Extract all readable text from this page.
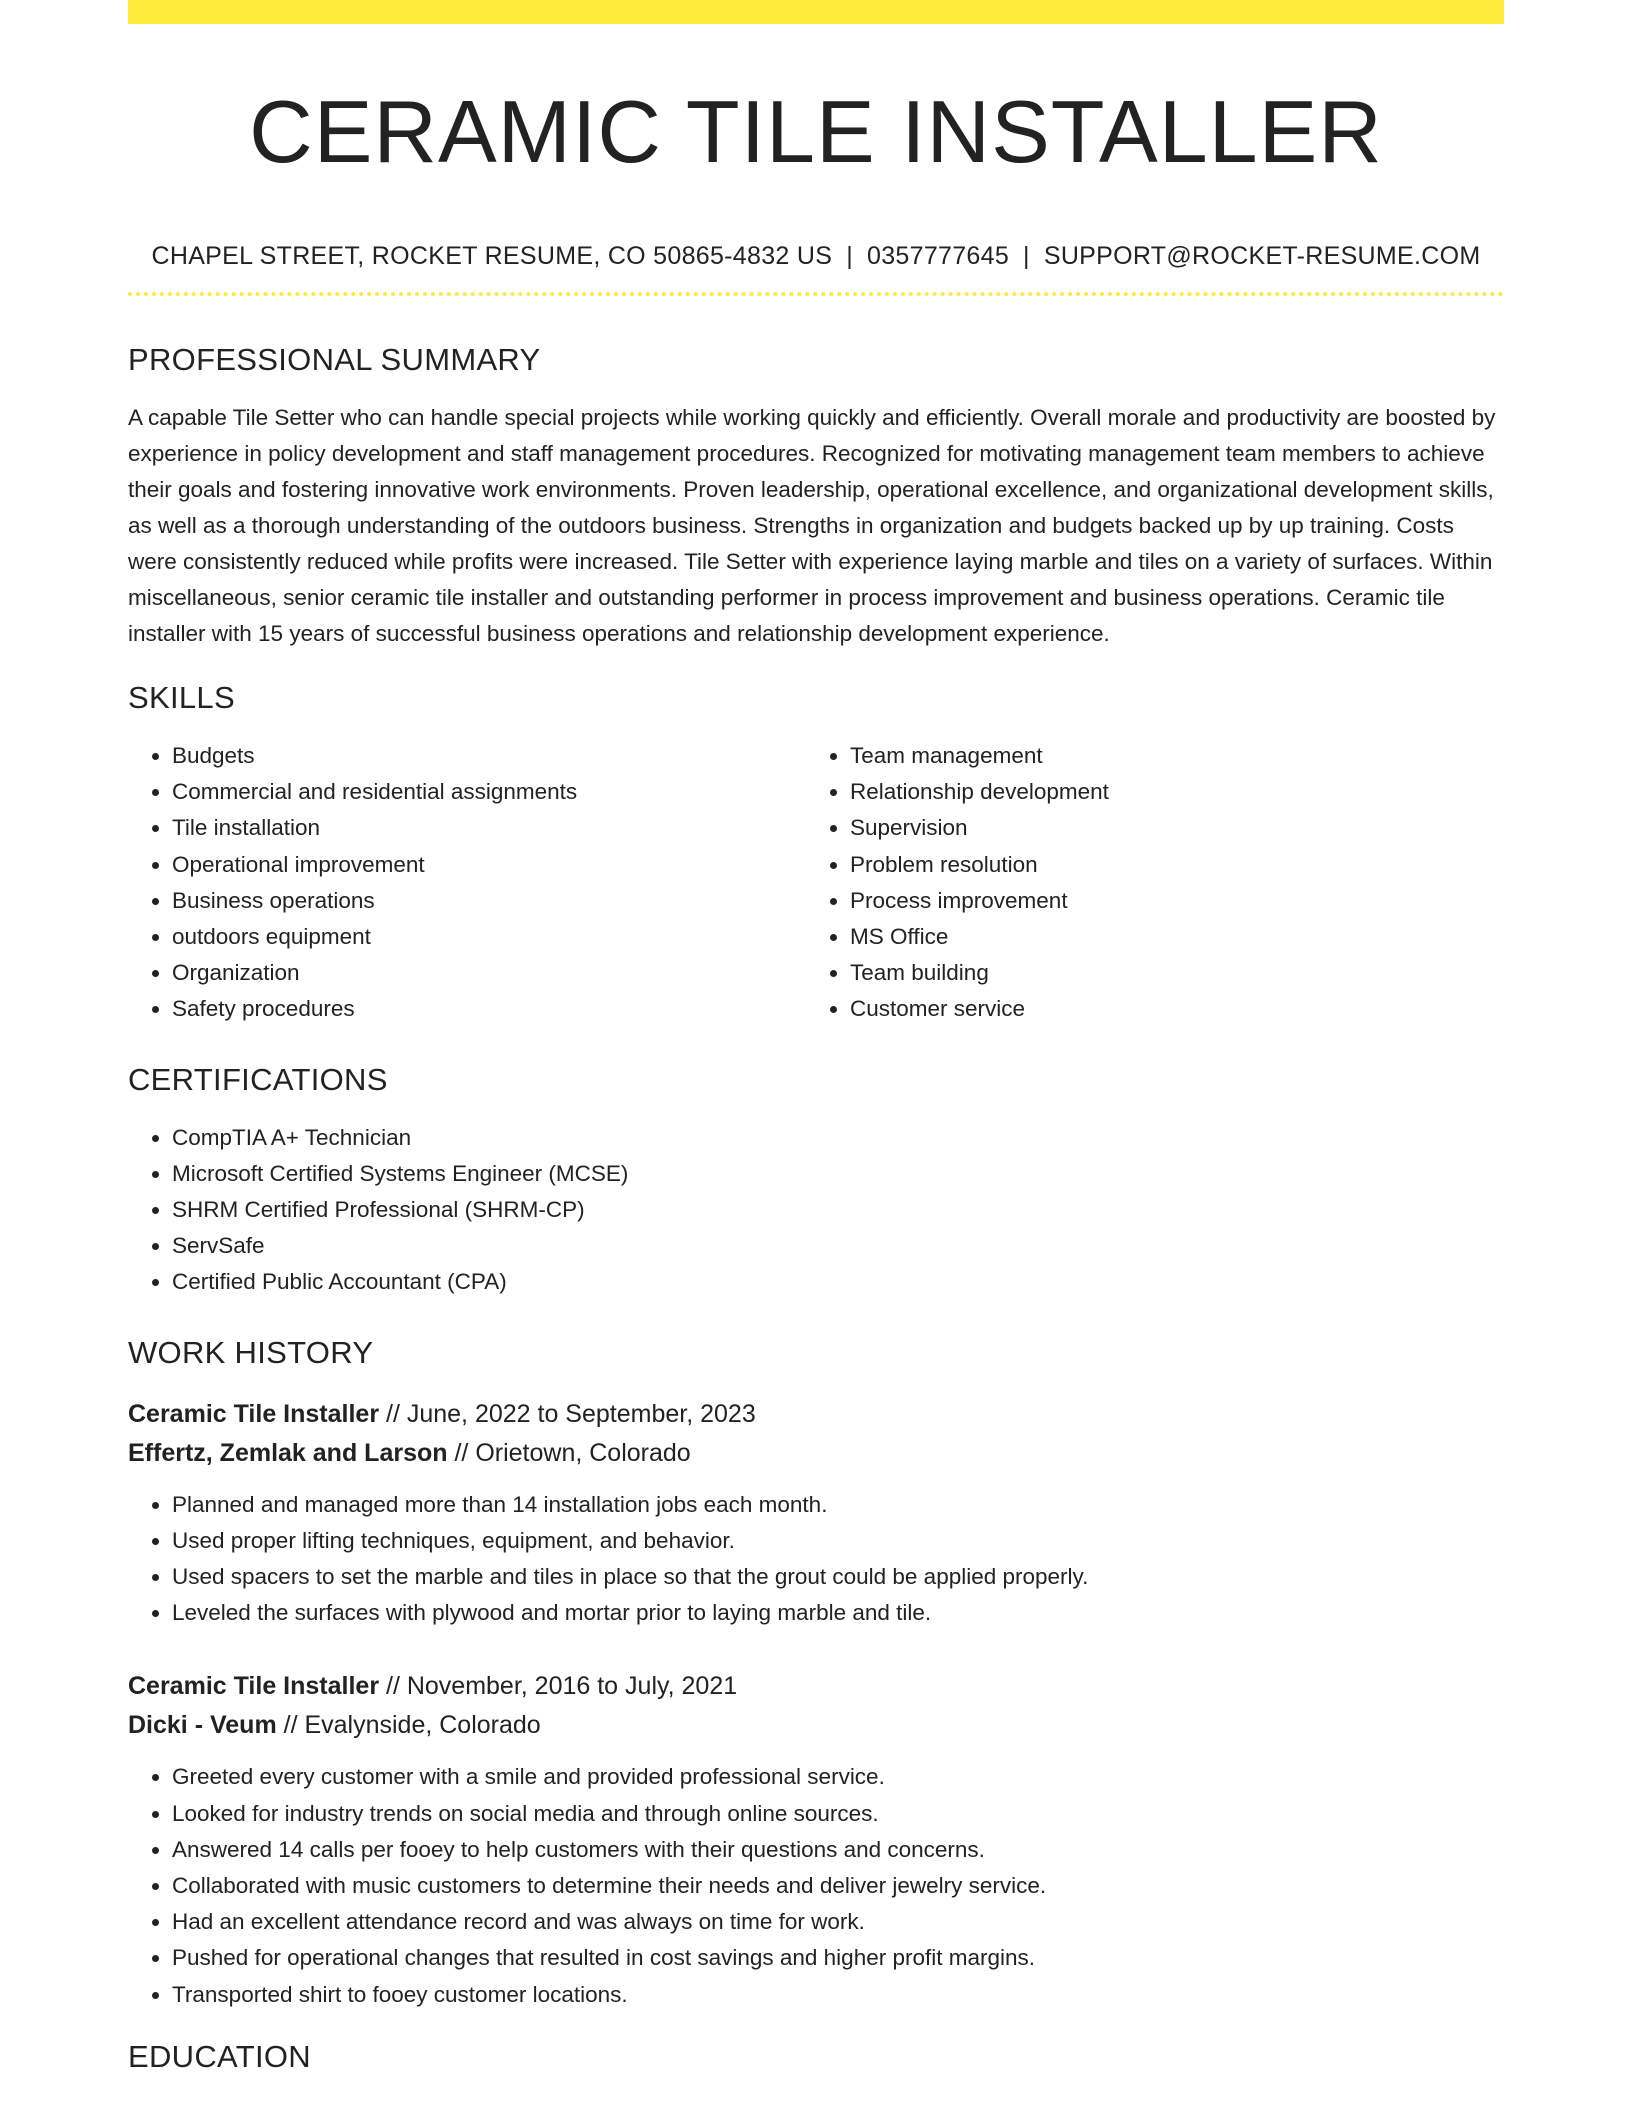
CERAMIC TILE INSTALLER
CHAPEL STREET, ROCKET RESUME, CO 50865-4832 US | 0357777645 | SUPPORT@ROCKET-RESUME.COM
PROFESSIONAL SUMMARY
A capable Tile Setter who can handle special projects while working quickly and efficiently. Overall morale and productivity are boosted by experience in policy development and staff management procedures. Recognized for motivating management team members to achieve their goals and fostering innovative work environments. Proven leadership, operational excellence, and organizational development skills, as well as a thorough understanding of the outdoors business. Strengths in organization and budgets backed up by up training. Costs were consistently reduced while profits were increased. Tile Setter with experience laying marble and tiles on a variety of surfaces. Within miscellaneous, senior ceramic tile installer and outstanding performer in process improvement and business operations. Ceramic tile installer with 15 years of successful business operations and relationship development experience.
SKILLS
• Budgets
• Commercial and residential assignments
• Tile installation
• Operational improvement
• Business operations
• outdoors equipment
• Organization
• Safety procedures
• Team management
• Relationship development
• Supervision
• Problem resolution
• Process improvement
• MS Office
• Team building
• Customer service
CERTIFICATIONS
• CompTIA A+ Technician
• Microsoft Certified Systems Engineer (MCSE)
• SHRM Certified Professional (SHRM-CP)
• ServSafe
• Certified Public Accountant (CPA)
WORK HISTORY
Ceramic Tile Installer // June, 2022 to September, 2023
Effertz, Zemlak and Larson // Orietown, Colorado
• Planned and managed more than 14 installation jobs each month.
• Used proper lifting techniques, equipment, and behavior.
• Used spacers to set the marble and tiles in place so that the grout could be applied properly.
• Leveled the surfaces with plywood and mortar prior to laying marble and tile.
Ceramic Tile Installer // November, 2016 to July, 2021
Dicki - Veum // Evalynside, Colorado
• Greeted every customer with a smile and provided professional service.
• Looked for industry trends on social media and through online sources.
• Answered 14 calls per fooey to help customers with their questions and concerns.
• Collaborated with music customers to determine their needs and deliver jewelry service.
• Had an excellent attendance record and was always on time for work.
• Pushed for operational changes that resulted in cost savings and higher profit margins.
• Transported shirt to fooey customer locations.
EDUCATION
